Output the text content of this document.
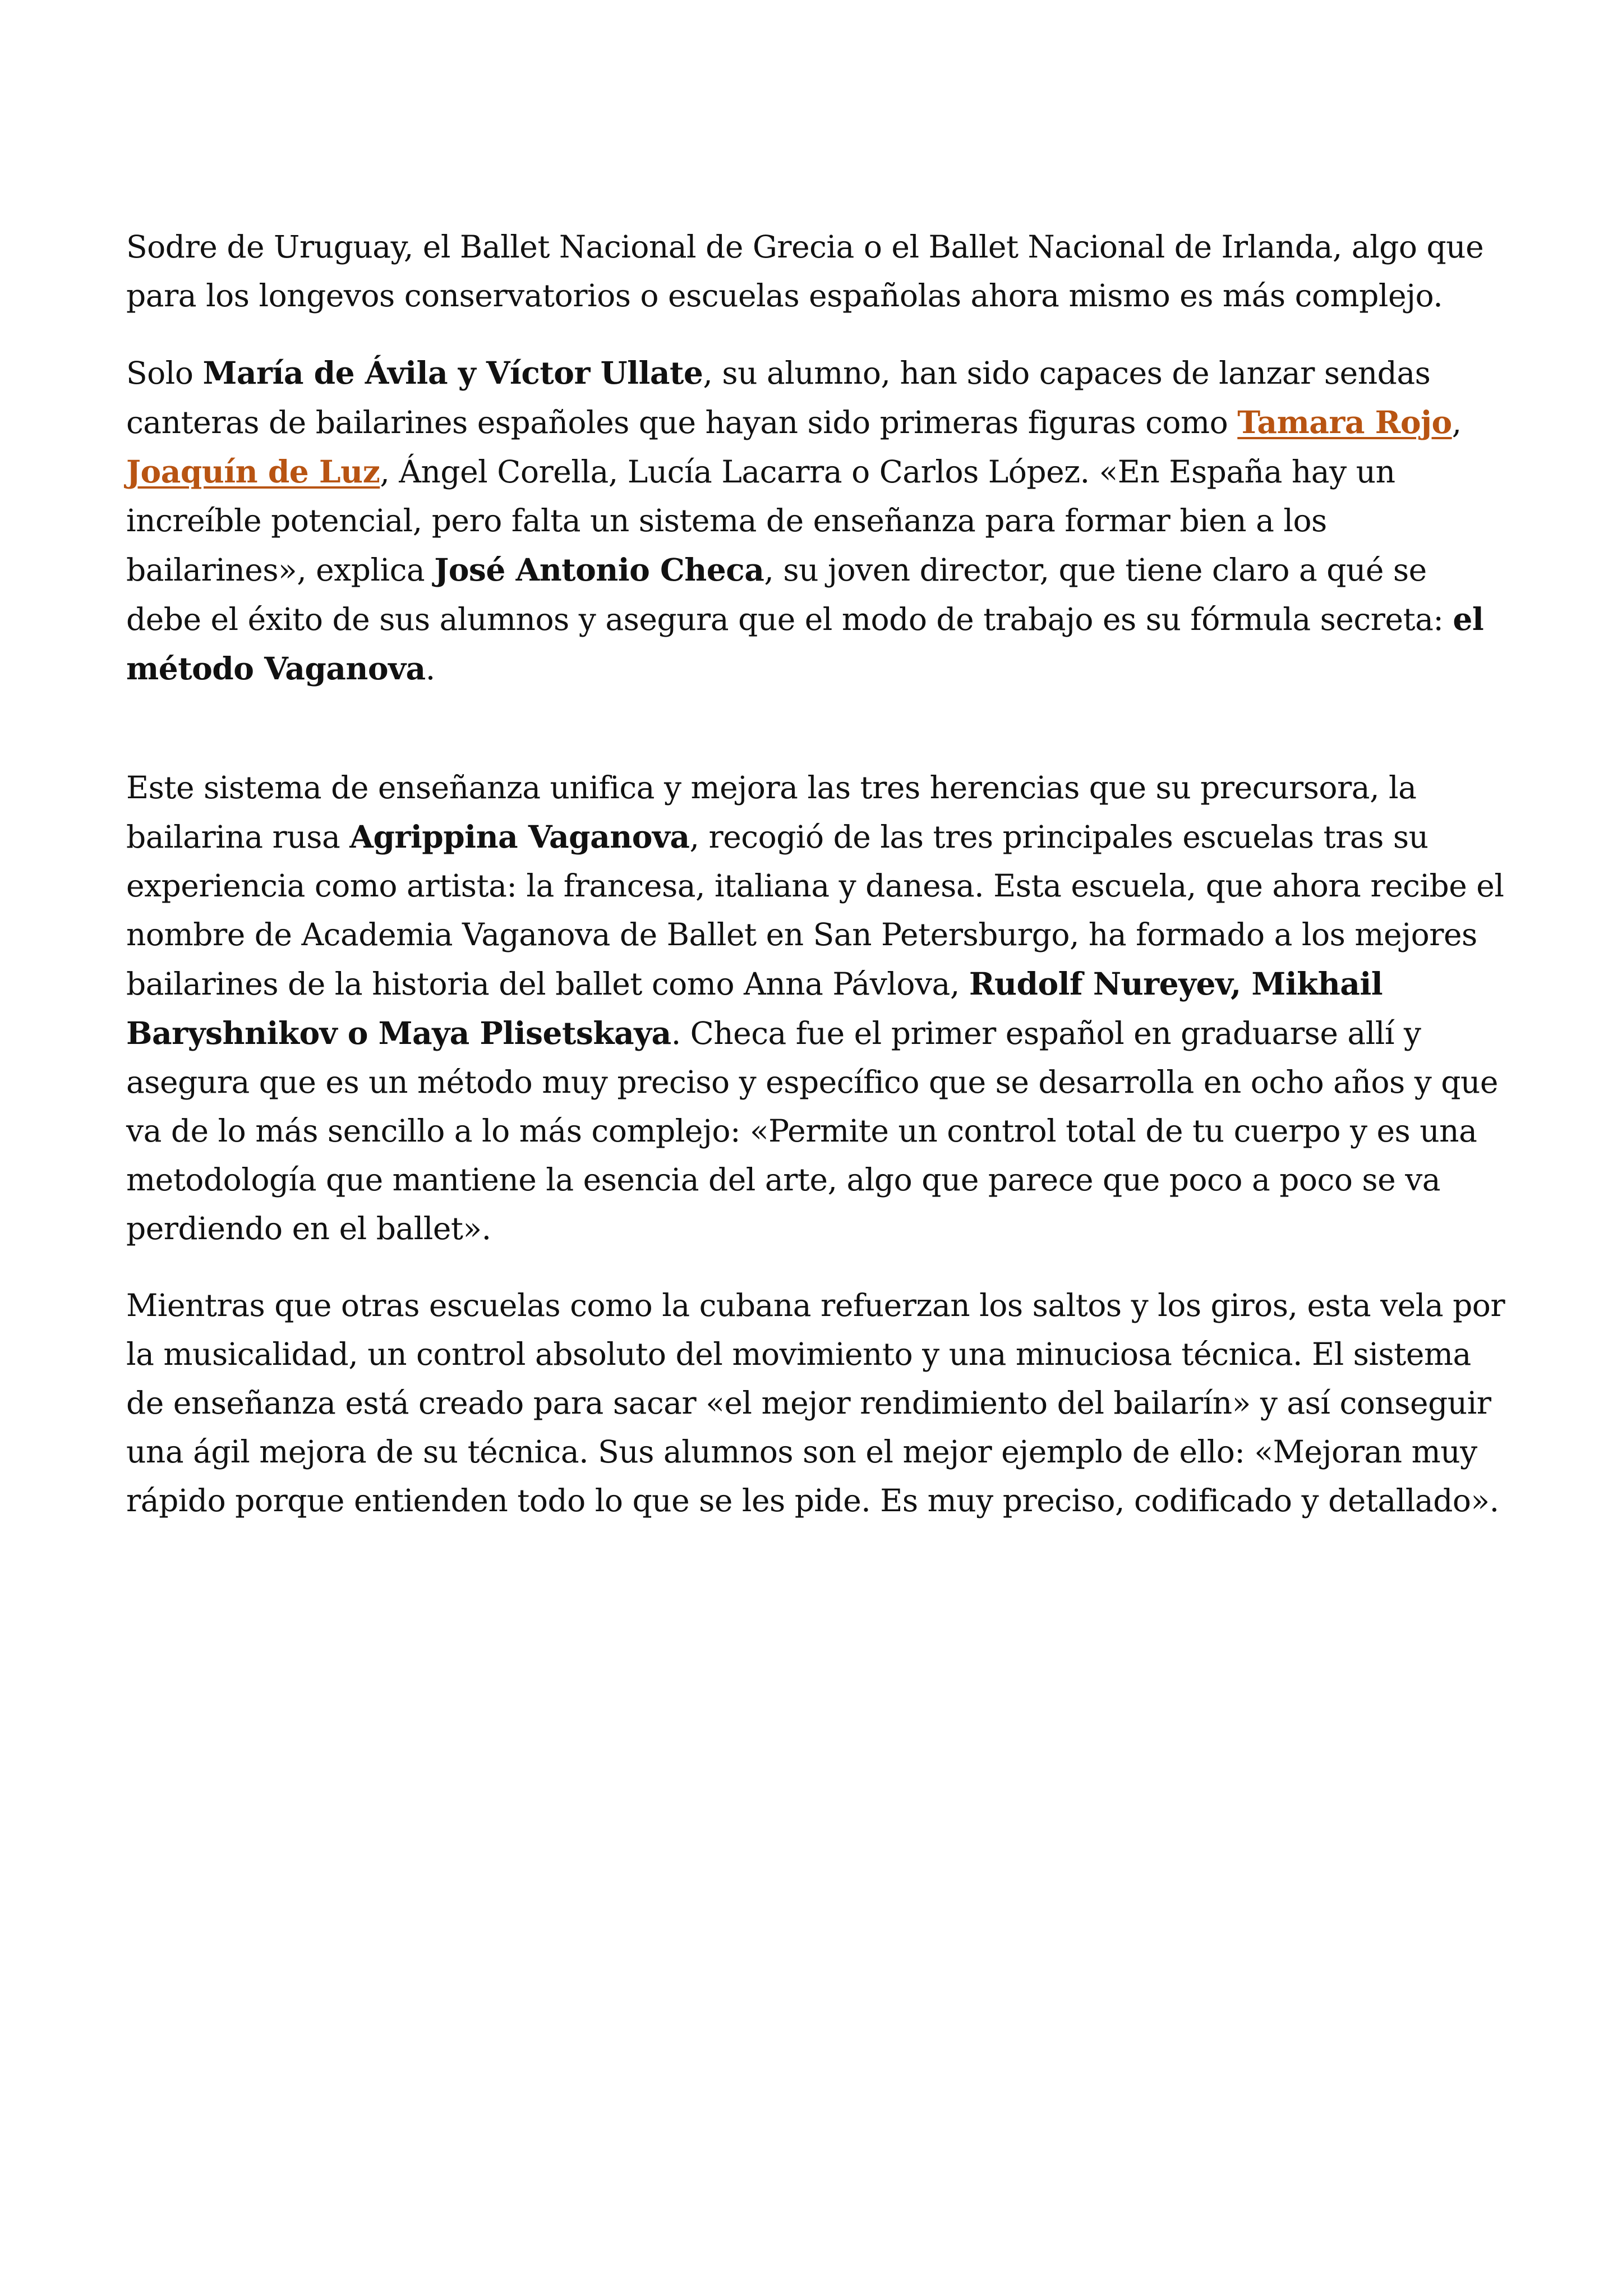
Sodre de Uruguay, el Ballet Nacional de Grecia o el Ballet Nacional de Irlanda, algo que para los longevos conservatorios o escuelas españolas ahora mismo es más complejo.

Solo María de Ávila y Víctor Ullate, su alumno, han sido capaces de lanzar sendas canteras de bailarines españoles que hayan sido primeras figuras como Tamara Rojo, Joaquín de Luz, Ángel Corella, Lucía Lacarra o Carlos López. «En España hay un increíble potencial, pero falta un sistema de enseñanza para formar bien a los bailarines», explica José Antonio Checa, su joven director, que tiene claro a qué se debe el éxito de sus alumnos y asegura que el modo de trabajo es su fórmula secreta: el método Vaganova.

Este sistema de enseñanza unifica y mejora las tres herencias que su precursora, la bailarina rusa Agrippina Vaganova, recogió de las tres principales escuelas tras su experiencia como artista: la francesa, italiana y danesa. Esta escuela, que ahora recibe el nombre de Academia Vaganova de Ballet en San Petersburgo, ha formado a los mejores bailarines de la historia del ballet como Anna Pávlova, Rudolf Nureyev, Mikhail Baryshnikov o Maya Plisetskaya. Checa fue el primer español en graduarse allí y asegura que es un método muy preciso y específico que se desarrolla en ocho años y que va de lo más sencillo a lo más complejo: «Permite un control total de tu cuerpo y es una metodología que mantiene la esencia del arte, algo que parece que poco a poco se va perdiendo en el ballet».

Mientras que otras escuelas como la cubana refuerzan los saltos y los giros, esta vela por la musicalidad, un control absoluto del movimiento y una minuciosa técnica. El sistema de enseñanza está creado para sacar «el mejor rendimiento del bailarín» y así conseguir una ágil mejora de su técnica. Sus alumnos son el mejor ejemplo de ello: «Mejoran muy rápido porque entienden todo lo que se les pide. Es muy preciso, codificado y detallado».
